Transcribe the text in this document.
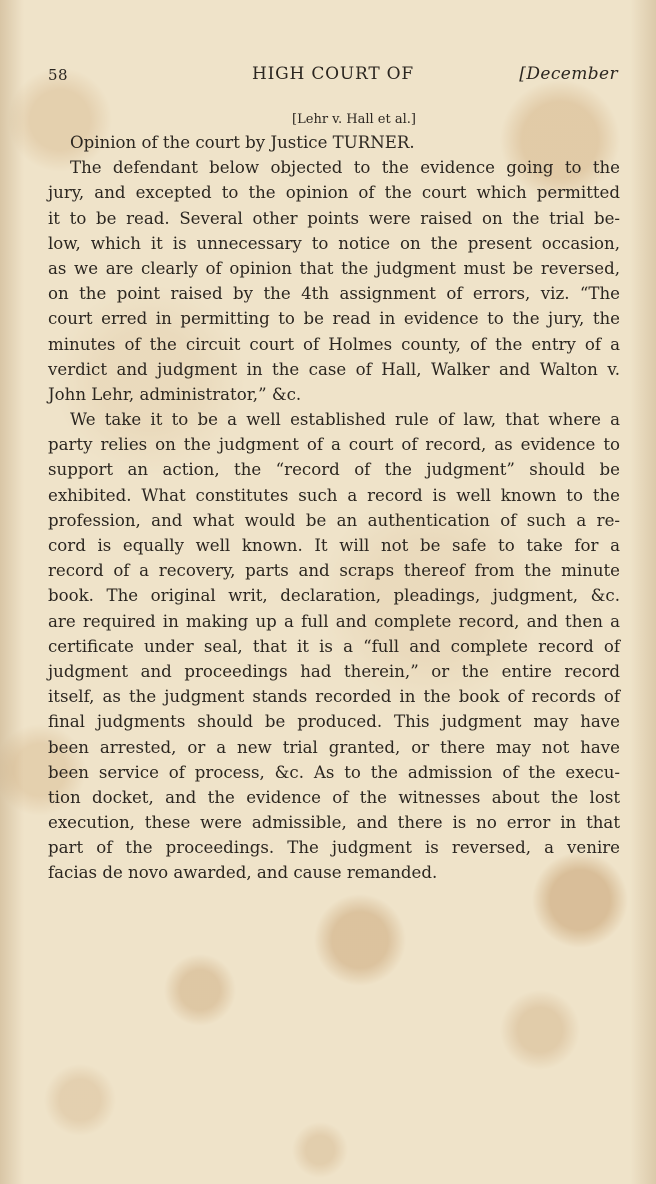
58	HIGH COURT OF	[December
[Lehr v. Hall et al.]
Opinion of the court by Justice TURNER.
The defendant below objected to the evidence going to the
jury, and excepted to the opinion of the court which permitted
it to be read. Several other points were raised on the trial be-
low, which it is unnecessary to notice on the present occasion,
as we are clearly of opinion that the judgment must be reversed,
on the point raised by the 4th assignment of errors, viz. “The
court erred in permitting to be read in evidence to the jury, the
minutes of the circuit court of Holmes county, of the entry of a
verdict and judgment in the case of Hall, Walker and Walton v.
John Lehr, administrator,” &c.
We take it to be a well established rule of law, that where a
party relies on the judgment of a court of record, as evidence to
support an action, the “record of the judgment” should be
exhibited. What constitutes such a record is well known to the
profession, and what would be an authentication of such a re-
cord is equally well known. It will not be safe to take for a
record of a recovery, parts and scraps thereof from the minute
book. The original writ, declaration, pleadings, judgment, &c.
are required in making up a full and complete record, and then a
certificate under seal, that it is a “full and complete record of
judgment and proceedings had therein,” or the entire record
itself, as the judgment stands recorded in the book of records of
final judgments should be produced. This judgment may have
been arrested, or a new trial granted, or there may not have
been service of process, &c. As to the admission of the execu-
tion docket, and the evidence of the witnesses about the lost
execution, these were admissible, and there is no error in that
part of the proceedings. The judgment is reversed, a venire
facias de novo awarded, and cause remanded.
